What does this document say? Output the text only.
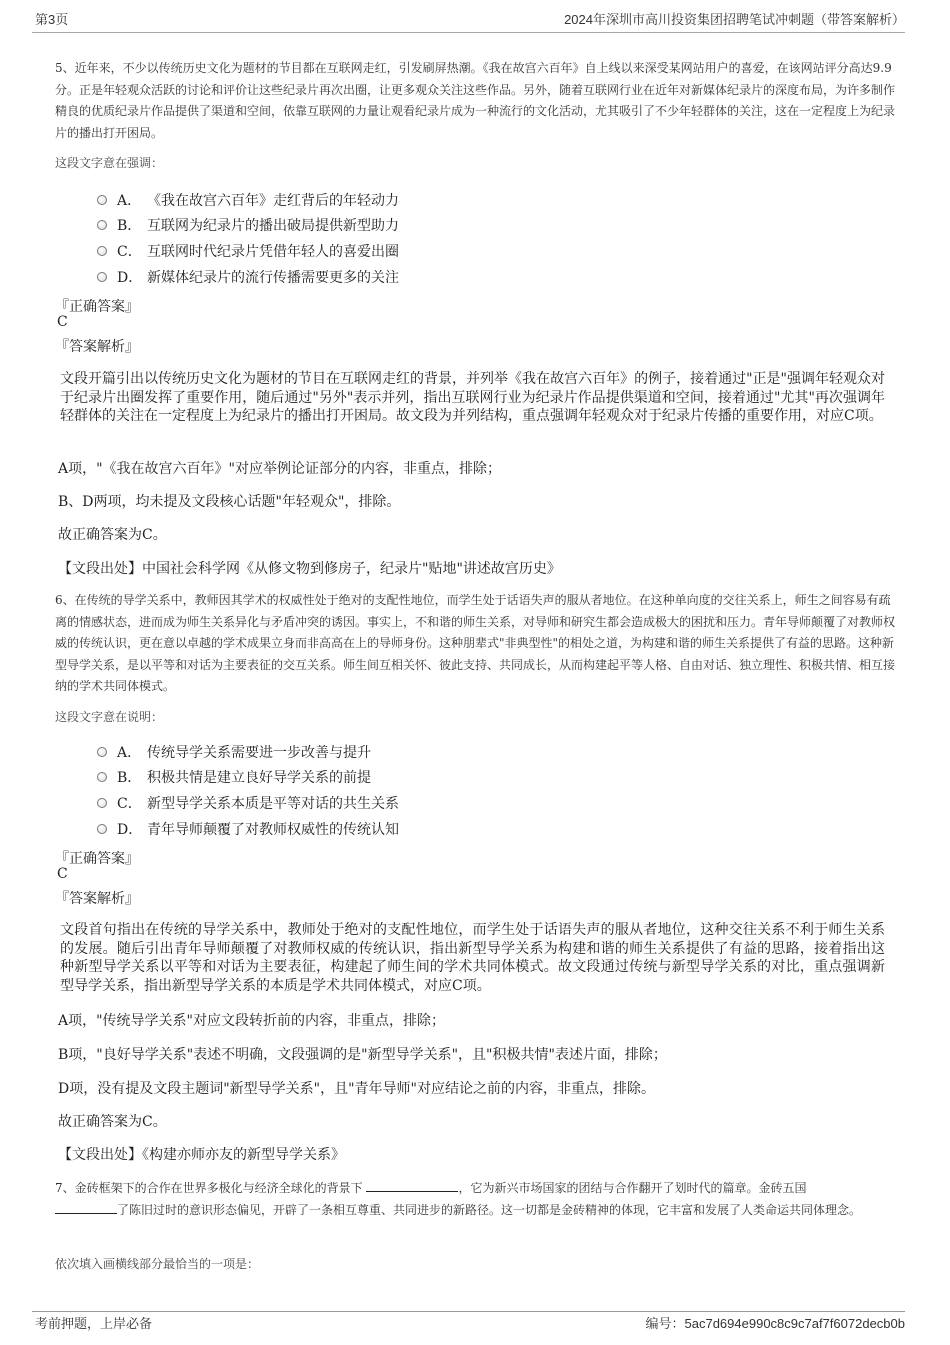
第3页	2024年深圳市高川投资集团招聘笔试冲刺题（带答案解析）
5、近年来，不少以传统历史文化为题材的节目都在互联网走红，引发刷屏热潮。《我在故宫六百年》自上线以来深受某网站用户的喜爱，在该网站评分高达9.9分。正是年轻观众活跃的讨论和评价让这些纪录片再次出圈，让更多观众关注这些作品。另外，随着互联网行业在近年对新媒体纪录片的深度布局，为许多制作精良的优质纪录片作品提供了渠道和空间，依靠互联网的力量让观看纪录片成为一种流行的文化活动，尤其吸引了不少年轻群体的关注，这在一定程度上为纪录片的播出打开困局。
这段文字意在强调：
A． 《我在故宫六百年》走红背后的年轻动力
B． 互联网为纪录片的播出破局提供新型助力
C． 互联网时代纪录片凭借年轻人的喜爱出圈
D． 新媒体纪录片的流行传播需要更多的关注
『正确答案』
C
『答案解析』
文段开篇引出以传统历史文化为题材的节目在互联网走红的背景，并列举《我在故宫六百年》的例子，接着通过"正是"强调年轻观众对于纪录片出圈发挥了重要作用，随后通过"另外"表示并列，指出互联网行业为纪录片作品提供渠道和空间，接着通过"尤其"再次强调年轻群体的关注在一定程度上为纪录片的播出打开困局。故文段为并列结构，重点强调年轻观众对于纪录片传播的重要作用，对应C项。
A项，"《我在故宫六百年》"对应举例论证部分的内容，非重点，排除；
B、D两项，均未提及文段核心话题"年轻观众"，排除。
故正确答案为C。
【文段出处】中国社会科学网《从修文物到修房子，纪录片"贴地"讲述故宫历史》
6、在传统的导学关系中，教师因其学术的权威性处于绝对的支配性地位，而学生处于话语失声的服从者地位。在这种单向度的交往关系上，师生之间容易有疏离的情感状态，进而成为师生关系异化与矛盾冲突的诱因。事实上，不和谐的师生关系，对导师和研究生都会造成极大的困扰和压力。青年导师颠覆了对教师权威的传统认识，更在意以卓越的学术成果立身而非高高在上的导师身份。这种朋辈式"非典型性"的相处之道，为构建和谐的师生关系提供了有益的思路。这种新型导学关系，是以平等和对话为主要表征的交互关系。师生间互相关怀、彼此支持、共同成长，从而构建起平等人格、自由对话、独立理性、积极共情、相互接纳的学术共同体模式。
这段文字意在说明：
A． 传统导学关系需要进一步改善与提升
B． 积极共情是建立良好导学关系的前提
C． 新型导学关系本质是平等对话的共生关系
D． 青年导师颠覆了对教师权威性的传统认知
『正确答案』
C
『答案解析』
文段首句指出在传统的导学关系中，教师处于绝对的支配性地位，而学生处于话语失声的服从者地位，这种交往关系不利于师生关系的发展。随后引出青年导师颠覆了对教师权威的传统认识，指出新型导学关系为构建和谐的师生关系提供了有益的思路，接着指出这种新型导学关系以平等和对话为主要表征，构建起了师生间的学术共同体模式。故文段通过传统与新型导学关系的对比，重点强调新型导学关系，指出新型导学关系的本质是学术共同体模式，对应C项。
A项，"传统导学关系"对应文段转折前的内容，非重点，排除；
B项，"良好导学关系"表述不明确，文段强调的是"新型导学关系"，且"积极共情"表述片面，排除；
D项，没有提及文段主题词"新型导学关系"，且"青年导师"对应结论之前的内容，非重点，排除。
故正确答案为C。
【文段出处】《构建亦师亦友的新型导学关系》
7、金砖框架下的合作在世界多极化与经济全球化的背景下	，它为新兴市场国家的团结与合作翻开了划时代的篇章。金砖五国
了陈旧过时的意识形态偏见，开辟了一条相互尊重、共同进步的新路径。这一切都是金砖精神的体现，它丰富和发展了人类命运共同体理念。
依次填入画横线部分最恰当的一项是：
考前押题，上岸必备	编号：5ac7d694e990c8c9c7af7f6072decb0b
